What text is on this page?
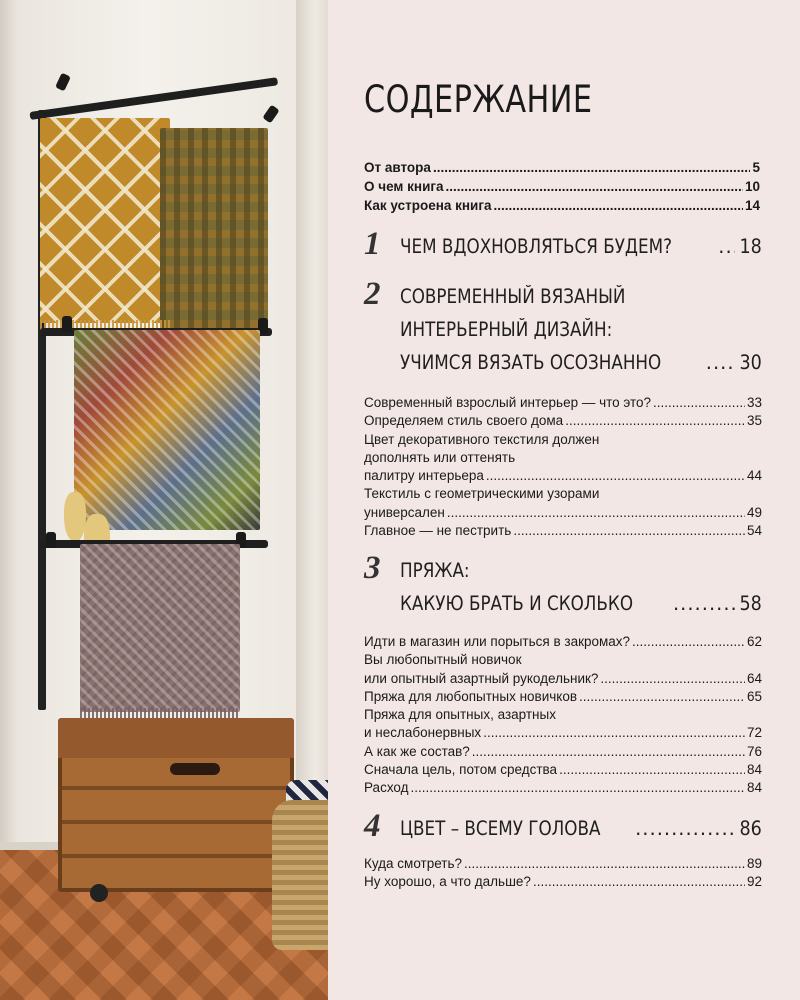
СОДЕРЖАНИЕ
От автора .....	5
О чем книга .....	10
Как устроена книга .....	14
1 ЧЕМ ВДОХНОВЛЯТЬСЯ БУДЕМ? .....	18
2 СОВРЕМЕННЫЙ ВЯЗАНЫЙ
ИНТЕРЬЕРНЫЙ ДИЗАЙН:
УЧИМСЯ ВЯЗАТЬ ОСОЗНАННО .....	30
Современный взрослый интерьер — что это? .....	33
Определяем стиль своего дома .....	35
Цвет декоративного текстиля должен
дополнять или оттенять
палитру интерьера .....	44
Текстиль с геометрическими узорами
универсален .....	49
Главное — не пестрить .....	54
3 ПРЯЖА:
КАКУЮ БРАТЬ И СКОЛЬКО .....	58
Идти в магазин или порыться в закромах? .....	62
Вы любопытный новичок
или опытный азартный рукодельник? .....	64
Пряжа для любопытных новичков .....	65
Пряжа для опытных, азартных
и неслабонервных .....	72
А как же состав? .....	76
Сначала цель, потом средства .....	84
Расход .....	84
4 ЦВЕТ – ВСЕМУ ГОЛОВА .....	86
Куда смотреть? .....	89
Ну хорошо, а что дальше? .....	92
